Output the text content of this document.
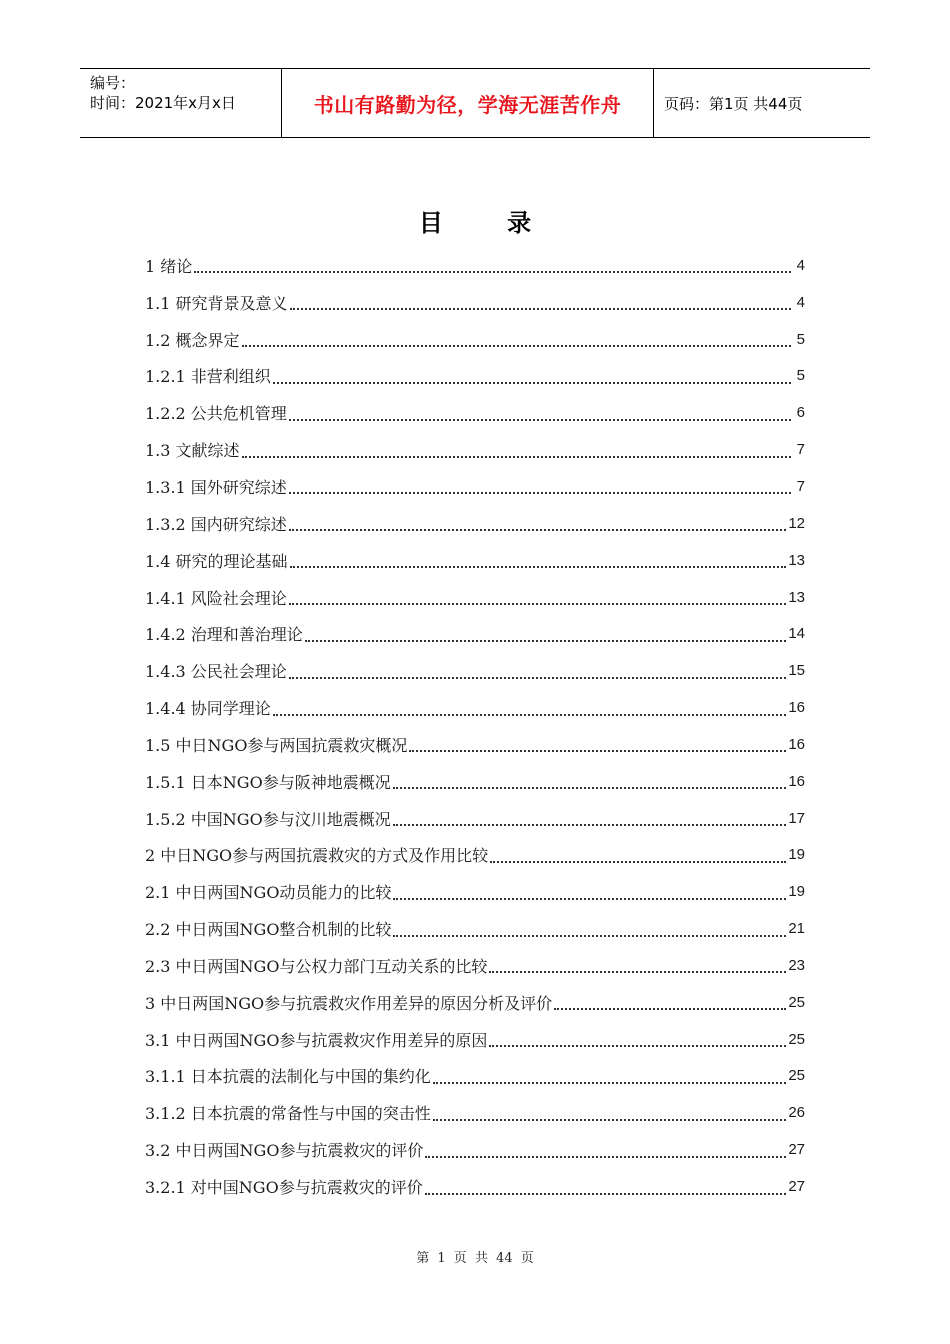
编号：
时间：2021年x月x日	书山有路勤为径，学海无涯苦作舟	页码：第1页 共44页
目 录
1 绪论	4
1.1 研究背景及意义	4
1.2 概念界定	5
1.2.1 非营利组织	5
1.2.2 公共危机管理	6
1.3 文献综述	7
1.3.1 国外研究综述	7
1.3.2 国内研究综述	12
1.4 研究的理论基础	13
1.4.1 风险社会理论	13
1.4.2 治理和善治理论	14
1.4.3 公民社会理论	15
1.4.4 协同学理论	16
1.5 中日NGO参与两国抗震救灾概况	16
1.5.1 日本NGO参与阪神地震概况	16
1.5.2 中国NGO参与汶川地震概况	17
2 中日NGO参与两国抗震救灾的方式及作用比较	19
2.1 中日两国NGO动员能力的比较	19
2.2 中日两国NGO整合机制的比较	21
2.3 中日两国NGO与公权力部门互动关系的比较	23
3 中日两国NGO参与抗震救灾作用差异的原因分析及评价	25
3.1 中日两国NGO参与抗震救灾作用差异的原因	25
3.1.1 日本抗震的法制化与中国的集约化	25
3.1.2 日本抗震的常备性与中国的突击性	26
3.2 中日两国NGO参与抗震救灾的评价	27
3.2.1 对中国NGO参与抗震救灾的评价	27
第 1 页 共 44 页
